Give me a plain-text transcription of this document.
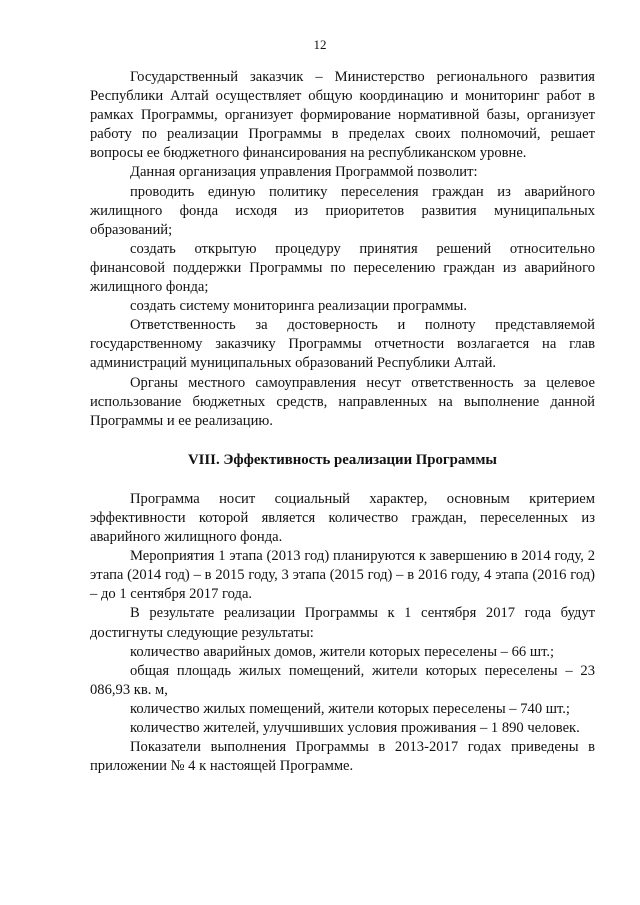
12

Государственный заказчик – Министерство регионального развития Республики Алтай осуществляет общую координацию и мониторинг работ в рамках Программы, организует формирование нормативной базы, организует работу по реализации Программы в пределах своих полномочий, решает вопросы ее бюджетного финансирования на республиканском уровне.

Данная организация управления Программой позволит:

проводить единую политику переселения граждан из аварийного жилищного фонда исходя из приоритетов развития муниципальных образований;

создать открытую процедуру принятия решений относительно финансовой поддержки Программы по переселению граждан из аварийного жилищного фонда;

создать систему мониторинга реализации программы.

Ответственность за достоверность и полноту представляемой государственному заказчику Программы отчетности возлагается на глав администраций муниципальных образований Республики Алтай.

Органы местного самоуправления несут ответственность за целевое использование бюджетных средств, направленных на выполнение данной Программы и ее реализацию.

VIII. Эффективность реализации Программы

Программа носит социальный характер, основным критерием эффективности которой является количество граждан, переселенных из аварийного жилищного фонда.

Мероприятия 1 этапа (2013 год) планируются к завершению в 2014 году, 2 этапа (2014 год) – в 2015 году, 3 этапа (2015 год) – в 2016 году, 4 этапа (2016 год) – до 1 сентября 2017 года.

В результате реализации Программы к 1 сентября 2017 года будут достигнуты следующие результаты:

количество аварийных домов, жители которых переселены – 66 шт.;

общая площадь жилых помещений, жители которых переселены – 23 086,93 кв. м,

количество жилых помещений, жители которых переселены – 740 шт.;

количество жителей, улучшивших условия проживания – 1 890 человек.

Показатели выполнения Программы в 2013-2017 годах приведены в приложении № 4 к настоящей Программе.
